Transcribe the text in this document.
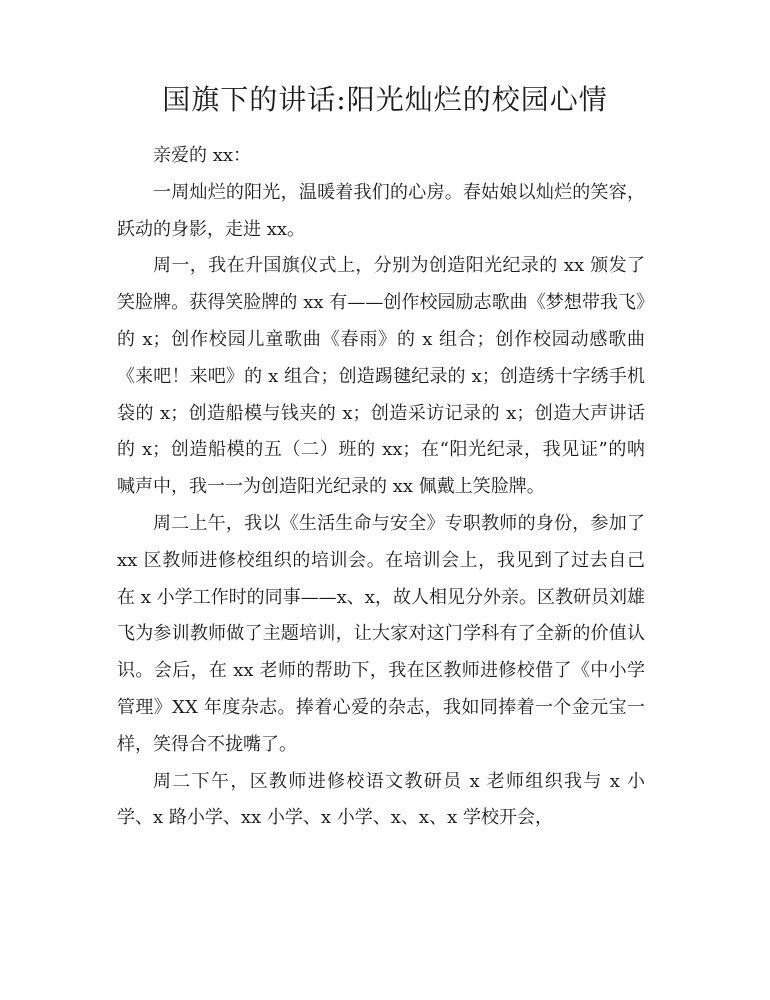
国旗下的讲话:阳光灿烂的校园心情

亲爱的 xx：

一周灿烂的阳光，温暖着我们的心房。春姑娘以灿烂的笑容，跃动的身影，走进 xx。

周一，我在升国旗仪式上，分别为创造阳光纪录的 xx 颁发了笑脸牌。获得笑脸牌的 xx 有——创作校园励志歌曲《梦想带我飞》的 x；创作校园儿童歌曲《春雨》的 x 组合；创作校园动感歌曲《来吧！来吧》的 x 组合；创造踢毽纪录的 x；创造绣十字绣手机袋的 x；创造船模与钱夹的 x；创造采访记录的 x；创造大声讲话的 x；创造船模的五（二）班的 xx；在“阳光纪录，我见证”的呐喊声中，我一一为创造阳光纪录的 xx 佩戴上笑脸牌。

周二上午，我以《生活生命与安全》专职教师的身份，参加了 xx 区教师进修校组织的培训会。在培训会上，我见到了过去自己在 x 小学工作时的同事——x、x，故人相见分外亲。区教研员刘雄飞为参训教师做了主题培训，让大家对这门学科有了全新的价值认识。会后，在 xx 老师的帮助下，我在区教师进修校借了《中小学管理》XX 年度杂志。捧着心爱的杂志，我如同捧着一个金元宝一样，笑得合不拢嘴了。

周二下午，区教师进修校语文教研员 x 老师组织我与 x 小学、x 路小学、xx 小学、x 小学、x、x、x 学校开会，
